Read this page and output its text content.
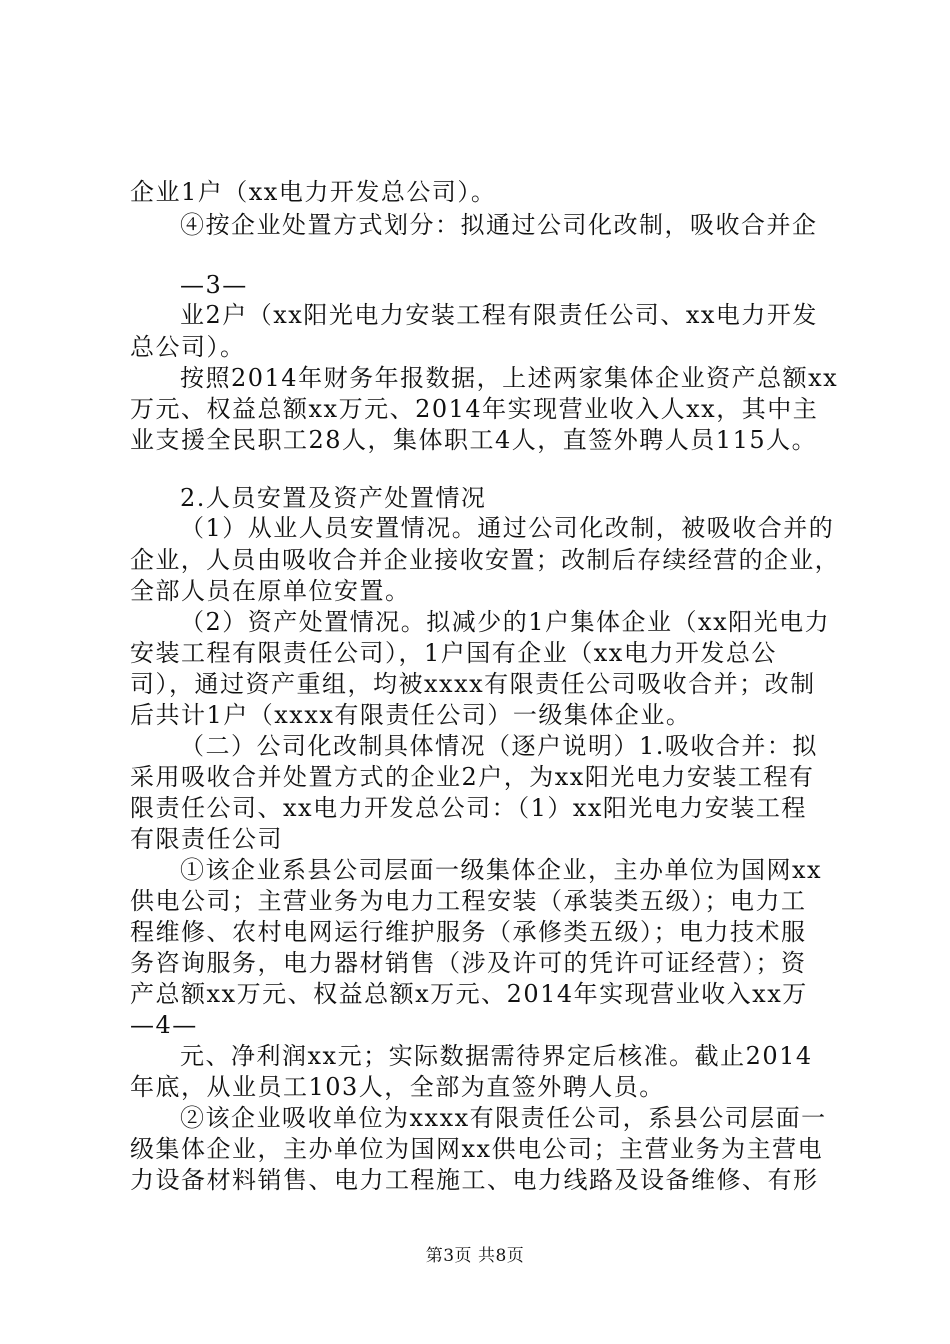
企业1户（xx电力开发总公司）。
④按企业处置方式划分：拟通过公司化改制，吸收合并企
—3—
业2户（xx阳光电力安装工程有限责任公司、xx电力开发
总公司）。
按照2014年财务年报数据，上述两家集体企业资产总额xx
万元、权益总额xx万元、2014年实现营业收入人xx，其中主
业支援全民职工28人，集体职工4人，直签外聘人员115人。
2.人员安置及资产处置情况
（1）从业人员安置情况。通过公司化改制，被吸收合并的
企业，人员由吸收合并企业接收安置；改制后存续经营的企业，
全部人员在原单位安置。
（2）资产处置情况。拟减少的1户集体企业（xx阳光电力
安装工程有限责任公司），1户国有企业（xx电力开发总公
司），通过资产重组，均被xxxx有限责任公司吸收合并；改制
后共计1户（xxxx有限责任公司）一级集体企业。
（二）公司化改制具体情况（逐户说明）1.吸收合并：拟
采用吸收合并处置方式的企业2户，为xx阳光电力安装工程有
限责任公司、xx电力开发总公司：（1）xx阳光电力安装工程
有限责任公司
①该企业系县公司层面一级集体企业，主办单位为国网xx
供电公司；主营业务为电力工程安装（承装类五级）；电力工
程维修、农村电网运行维护服务（承修类五级）；电力技术服
务咨询服务，电力器材销售（涉及许可的凭许可证经营）；资
产总额xx万元、权益总额x万元、2014年实现营业收入xx万
—4—
元、净利润xx元；实际数据需待界定后核准。截止2014
年底，从业员工103人，全部为直签外聘人员。
②该企业吸收单位为xxxx有限责任公司，系县公司层面一
级集体企业，主办单位为国网xx供电公司；主营业务为主营电
力设备材料销售、电力工程施工、电力线路及设备维修、有形
第3页 共8页
